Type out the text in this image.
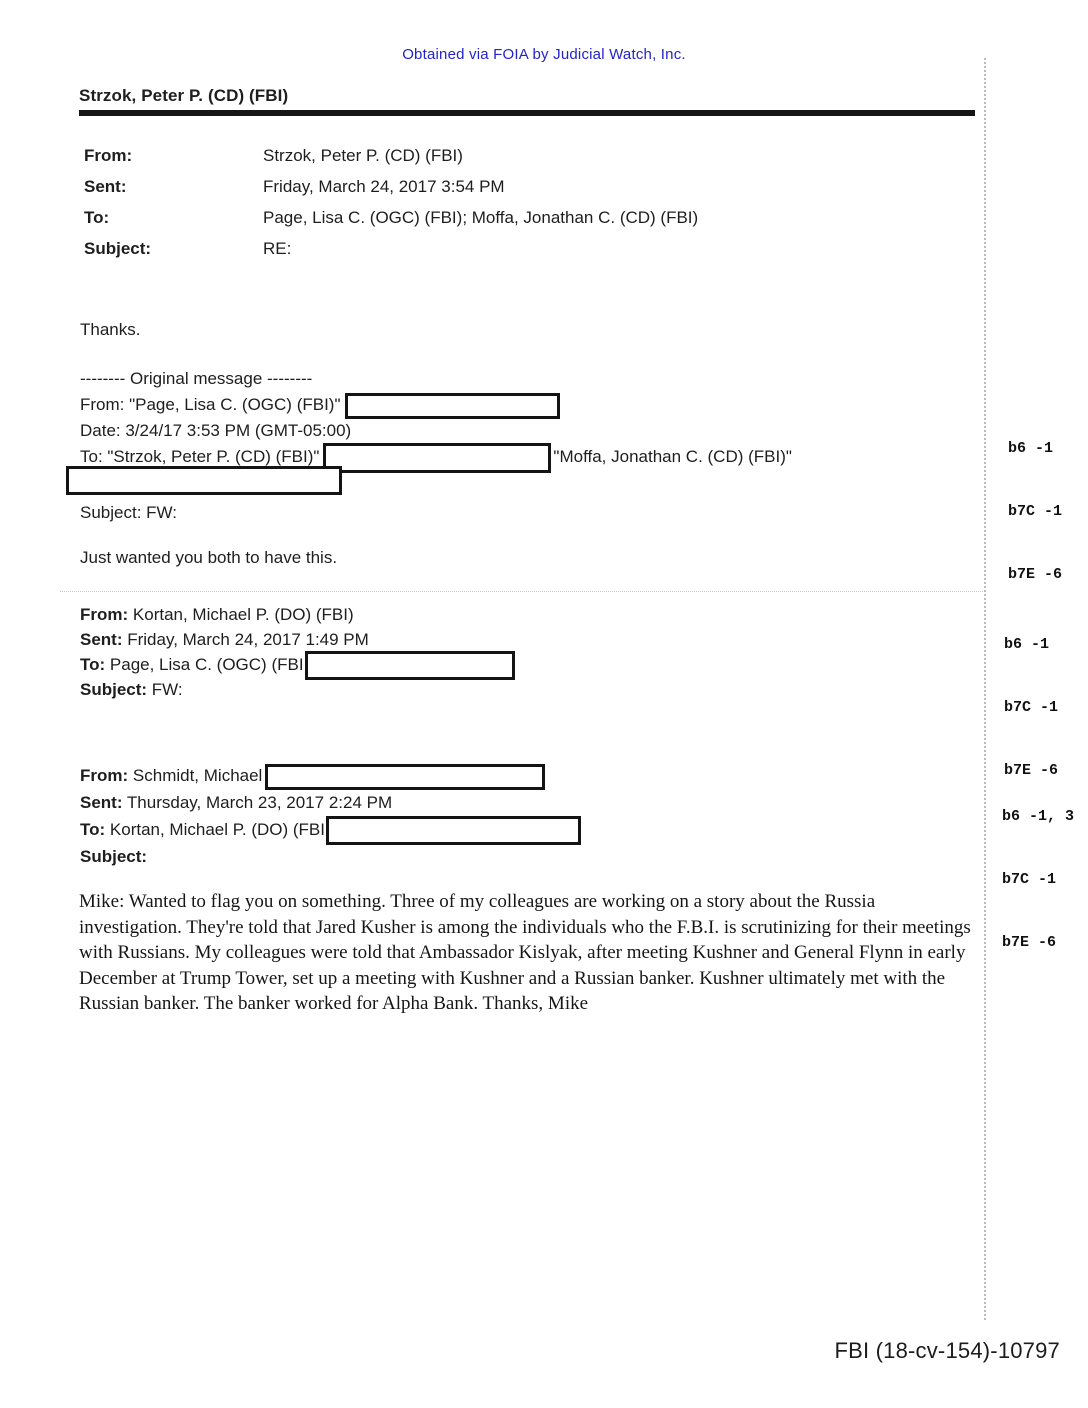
Obtained via FOIA by Judicial Watch, Inc.
Strzok, Peter P. (CD) (FBI)
From:	Strzok, Peter P. (CD) (FBI)
Sent:	Friday, March 24, 2017 3:54 PM
To:	Page, Lisa C. (OGC) (FBI); Moffa, Jonathan C. (CD) (FBI)
Subject:	RE:
Thanks.
-------- Original message --------
From: "Page, Lisa C. (OGC) (FBI)"
Date: 3/24/17 3:53 PM (GMT-05:00)
To: "Strzok, Peter P. (CD) (FBI)"	"Moffa, Jonathan C. (CD) (FBI)"
Subject: FW:
Just wanted you both to have this.
From: Kortan, Michael P. (DO) (FBI)
Sent: Friday, March 24, 2017 1:49 PM
To: Page, Lisa C. (OGC) (FBI
Subject: FW:
From: Schmidt, Michael
Sent: Thursday, March 23, 2017 2:24 PM
To: Kortan, Michael P. (DO) (FBI
Subject:
Mike: Wanted to flag you on something. Three of my colleagues are working on a story about the Russia investigation. They're told that Jared Kusher is among the individuals who the F.B.I. is scrutinizing for their meetings with Russians. My colleagues were told that Ambassador Kislyak, after meeting Kushner and General Flynn in early December at Trump Tower, set up a meeting with Kushner and a Russian banker. Kushner ultimately met with the Russian banker. The banker worked for Alpha Bank. Thanks, Mike

b6 -1

b7C -1

b7E -6

b6 -1

b7C -1

b7E -6

b6 -1, 3

b7C -1

b7E -6

FBI (18-cv-154)-10797
